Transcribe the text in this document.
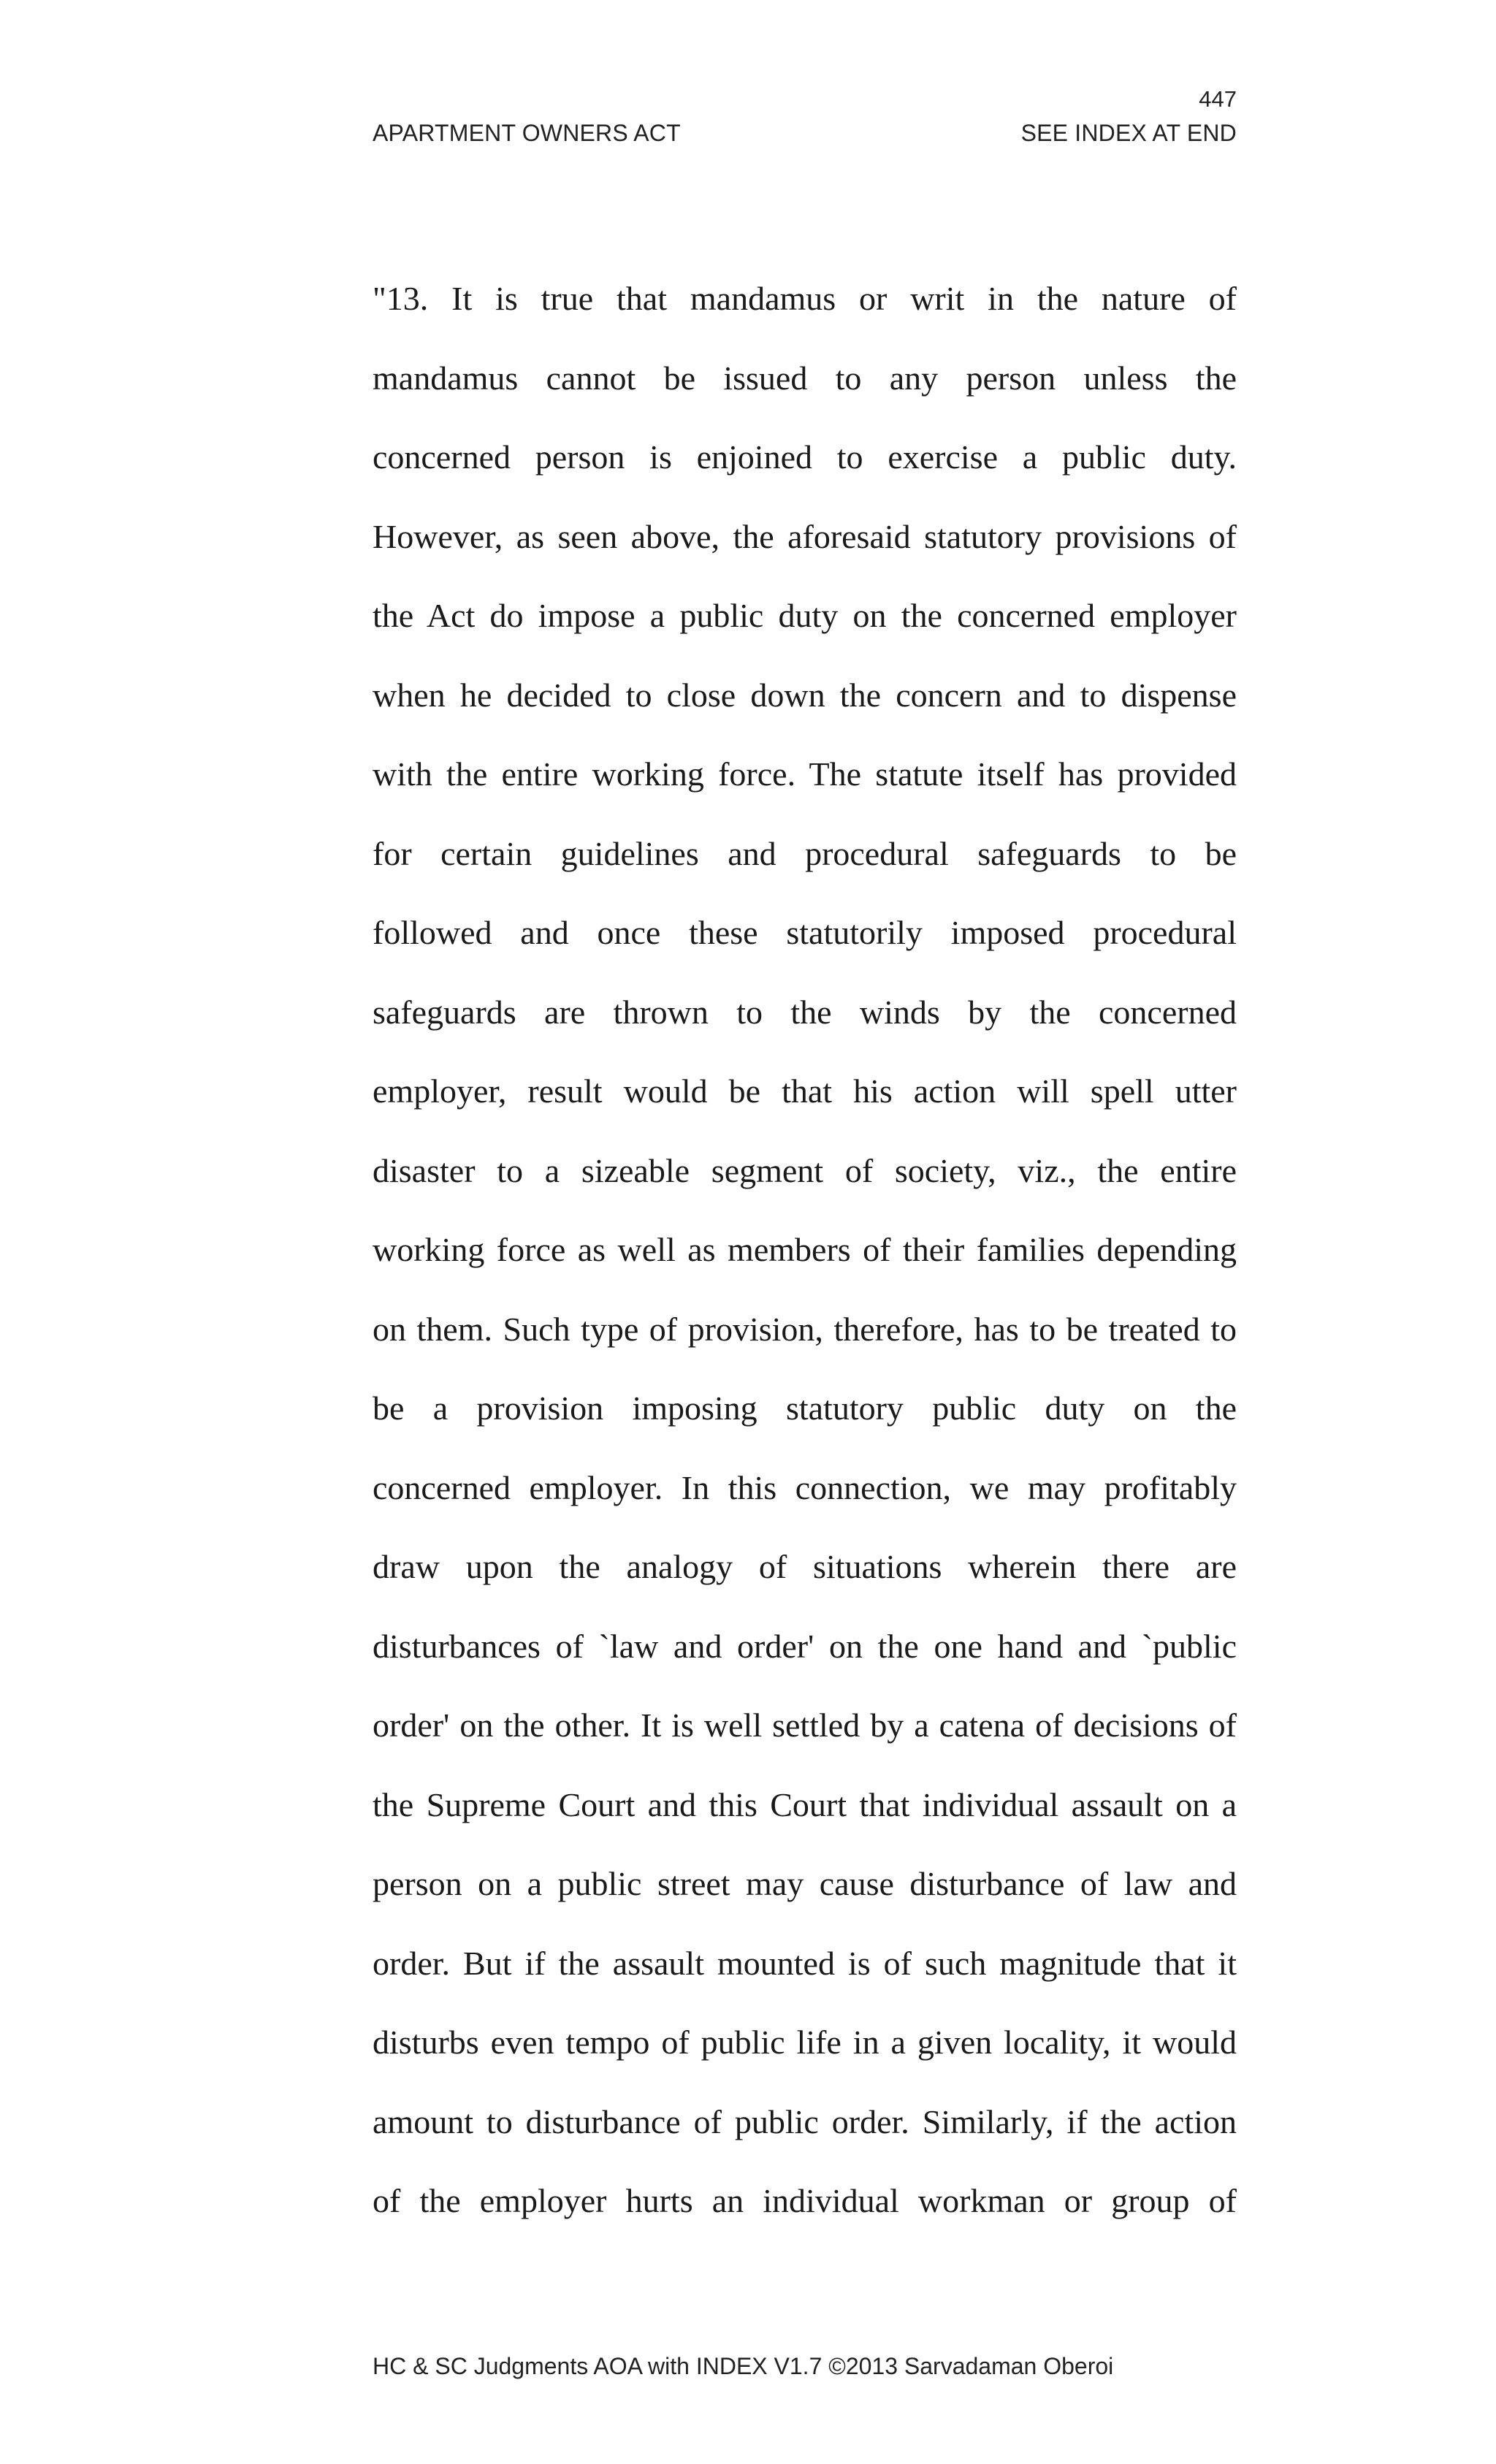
447
APARTMENT OWNERS ACT	SEE INDEX AT END
"13. It is true that mandamus or writ in the nature of
mandamus cannot be issued to any person unless the
concerned person is enjoined to exercise a public duty.
However, as seen above, the aforesaid statutory provisions of
the Act do impose a public duty on the concerned employer
when he decided to close down the concern and to dispense
with the entire working force. The statute itself has provided
for certain guidelines and procedural safeguards to be
followed and once these statutorily imposed procedural
safeguards are thrown to the winds by the concerned
employer, result would be that his action will spell utter
disaster to a sizeable segment of society, viz., the entire
working force as well as members of their families depending
on them. Such type of provision, therefore, has to be treated to
be a provision imposing statutory public duty on the
concerned employer. In this connection, we may profitably
draw upon the analogy of situations wherein there are
disturbances of `law and order' on the one hand and `public
order' on the other. It is well settled by a catena of decisions of
the Supreme Court and this Court that individual assault on a
person on a public street may cause disturbance of law and
order. But if the assault mounted is of such magnitude that it
disturbs even tempo of public life in a given locality, it would
amount to disturbance of public order. Similarly, if the action
of the employer hurts an individual workman or group of
HC & SC Judgments AOA with INDEX V1.7 ©2013 Sarvadaman Oberoi
